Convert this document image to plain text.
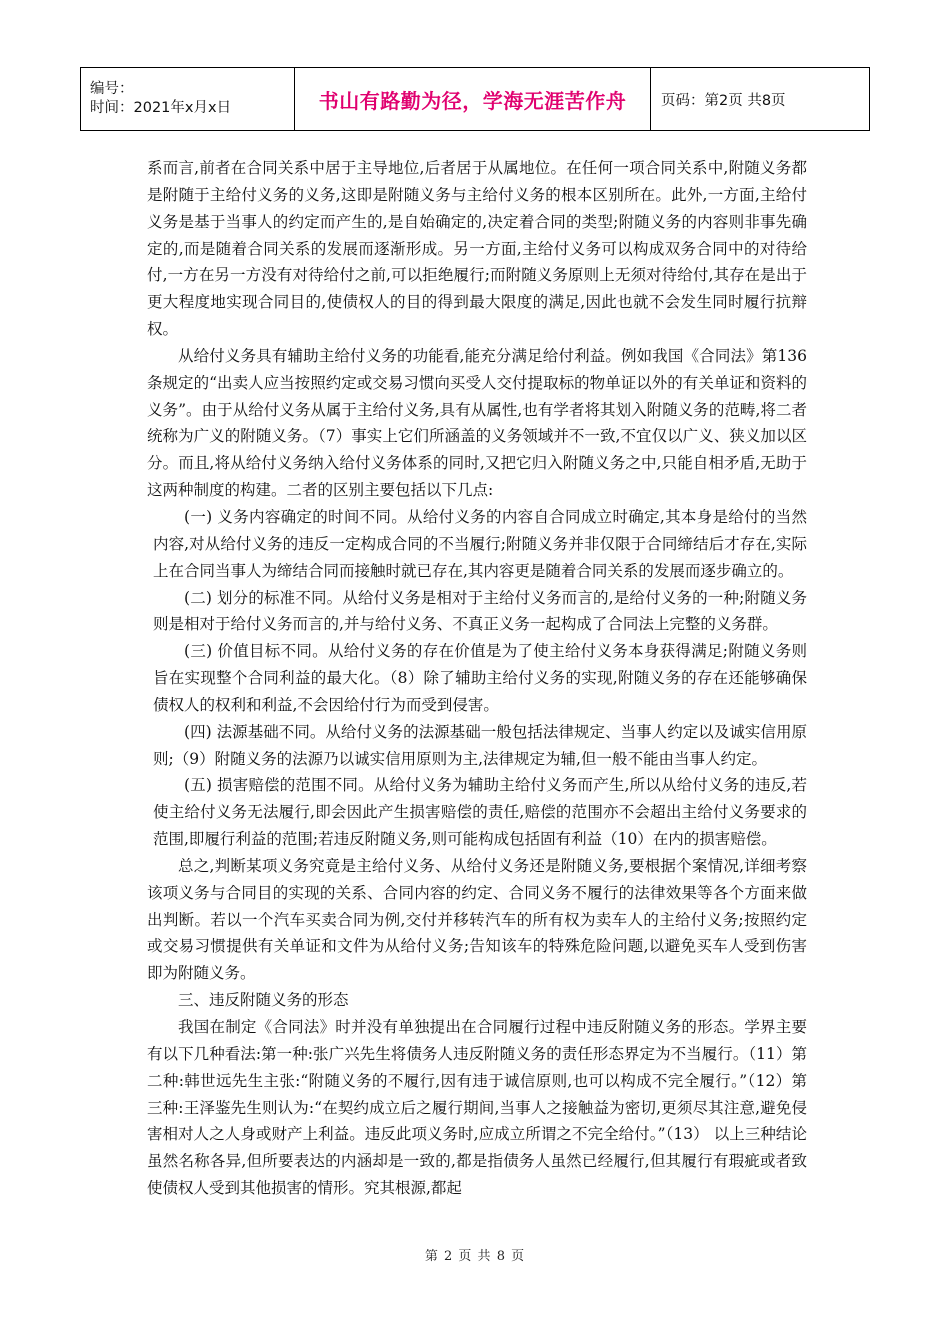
编号：
时间：2021年x月x日	书山有路勤为径，学海无涯苦作舟	页码：第2页 共8页

系而言,前者在合同关系中居于主导地位,后者居于从属地位。在任何一项合同关系中,附随义务都是附随于主给付义务的义务,这即是附随义务与主给付义务的根本区别所在。此外,一方面,主给付义务是基于当事人的约定而产生的,是自始确定的,决定着合同的类型;附随义务的内容则非事先确定的,而是随着合同关系的发展而逐渐形成。另一方面,主给付义务可以构成双务合同中的对待给付,一方在另一方没有对待给付之前,可以拒绝履行;而附随义务原则上无须对待给付,其存在是出于更大程度地实现合同目的,使债权人的目的得到最大限度的满足,因此也就不会发生同时履行抗辩权。

从给付义务具有辅助主给付义务的功能看,能充分满足给付利益。例如我国《合同法》第136条规定的“出卖人应当按照约定或交易习惯向买受人交付提取标的物单证以外的有关单证和资料的义务”。由于从给付义务从属于主给付义务,具有从属性,也有学者将其划入附随义务的范畴,将二者统称为广义的附随义务。（7）事实上它们所涵盖的义务领域并不一致,不宜仅以广义、狭义加以区分。而且,将从给付义务纳入给付义务体系的同时,又把它归入附随义务之中,只能自相矛盾,无助于这两种制度的构建。二者的区别主要包括以下几点:

(一) 义务内容确定的时间不同。从给付义务的内容自合同成立时确定,其本身是给付的当然内容,对从给付义务的违反一定构成合同的不当履行;附随义务并非仅限于合同缔结后才存在,实际上在合同当事人为缔结合同而接触时就已存在,其内容更是随着合同关系的发展而逐步确立的。

(二) 划分的标准不同。从给付义务是相对于主给付义务而言的,是给付义务的一种;附随义务则是相对于给付义务而言的,并与给付义务、不真正义务一起构成了合同法上完整的义务群。

(三) 价值目标不同。从给付义务的存在价值是为了使主给付义务本身获得满足;附随义务则旨在实现整个合同利益的最大化。（8）除了辅助主给付义务的实现,附随义务的存在还能够确保债权人的权利和利益,不会因给付行为而受到侵害。

(四) 法源基础不同。从给付义务的法源基础一般包括法律规定、当事人约定以及诚实信用原则;（9）附随义务的法源乃以诚实信用原则为主,法律规定为辅,但一般不能由当事人约定。

(五) 损害赔偿的范围不同。从给付义务为辅助主给付义务而产生,所以从给付义务的违反,若使主给付义务无法履行,即会因此产生损害赔偿的责任,赔偿的范围亦不会超出主给付义务要求的范围,即履行利益的范围;若违反附随义务,则可能构成包括固有利益（10）在内的损害赔偿。

总之,判断某项义务究竟是主给付义务、从给付义务还是附随义务,要根据个案情况,详细考察该项义务与合同目的实现的关系、合同内容的约定、合同义务不履行的法律效果等各个方面来做出判断。若以一个汽车买卖合同为例,交付并移转汽车的所有权为卖车人的主给付义务;按照约定或交易习惯提供有关单证和文件为从给付义务;告知该车的特殊危险问题,以避免买车人受到伤害即为附随义务。

三、违反附随义务的形态

我国在制定《合同法》时并没有单独提出在合同履行过程中违反附随义务的形态。学界主要有以下几种看法:第一种:张广兴先生将债务人违反附随义务的责任形态界定为不当履行。（11）第二种:韩世远先生主张:“附随义务的不履行,因有违于诚信原则,也可以构成不完全履行。”（12）第三种:王泽鉴先生则认为:“在契约成立后之履行期间,当事人之接触益为密切,更须尽其注意,避免侵害相对人之人身或财产上利益。违反此项义务时,应成立所谓之不完全给付。”（13） 以上三种结论虽然名称各异,但所要表达的内涵却是一致的,都是指债务人虽然已经履行,但其履行有瑕疵或者致使债权人受到其他损害的情形。究其根源,都起

第 2 页 共 8 页
